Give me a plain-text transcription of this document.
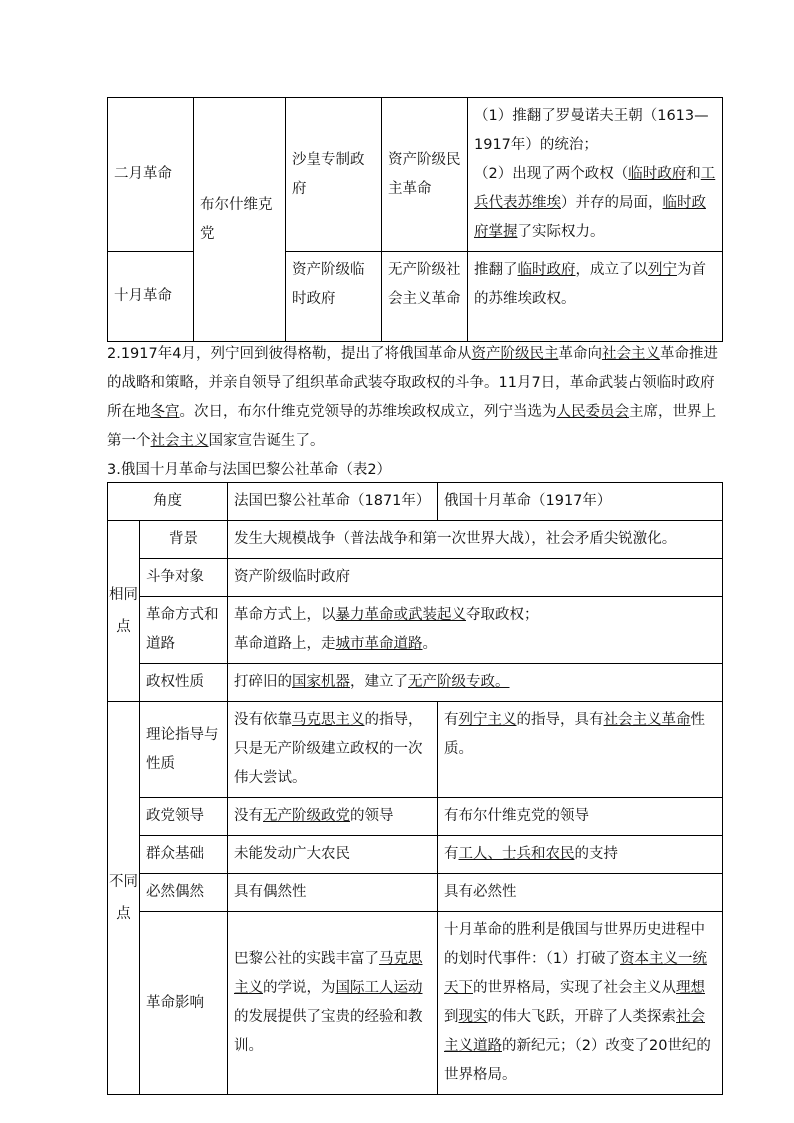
二月革命	布尔什维克党	沙皇专制政府	资产阶级民主革命	（1）推翻了罗曼诺夫王朝（1613—1917年）的统治；
（2）出现了两个政权（临时政府和工兵代表苏维埃）并存的局面，临时政府掌握了实际权力。

十月革命		资产阶级临时政府	无产阶级社会主义革命	推翻了临时政府，成立了以列宁为首的苏维埃政权。

2.1917年4月，列宁回到彼得格勒，提出了将俄国革命从资产阶级民主革命向社会主义革命推进的战略和策略，并亲自领导了组织革命武装夺取政权的斗争。11月7日，革命武装占领临时政府所在地冬宫。次日，布尔什维克党领导的苏维埃政权成立，列宁当选为人民委员会主席，世界上第一个社会主义国家宣告诞生了。

3.俄国十月革命与法国巴黎公社革命（表2）

角度		法国巴黎公社革命（1871年）	俄国十月革命（1917年）
相同点	背景	发生大规模战争（普法战争和第一次世界大战），社会矛盾尖锐激化。	
	斗争对象	资产阶级临时政府	
	革命方式和道路	革命方式上，以暴力革命或武装起义夺取政权；
革命道路上，走城市革命道路。	

	政权性质	打碎旧的国家机器，建立了无产阶级专政。	
不同点	理论指导与性质	没有依靠马克思主义的指导，只是无产阶级建立政权的一次伟大尝试。	有列宁主义的指导，具有社会主义革命性质。
	政党领导	没有无产阶级政党的领导	有布尔什维克党的领导
	群众基础	未能发动广大农民	有工人、士兵和农民的支持
	必然偶然	具有偶然性	具有必然性
	革命影响	巴黎公社的实践丰富了马克思主义的学说，为国际工人运动的发展提供了宝贵的经验和教训。	十月革命的胜利是俄国与世界历史进程中的划时代事件：（1）打破了资本主义一统天下的世界格局，实现了社会主义从理想到现实的伟大飞跃，开辟了人类探索社会主义道路的新纪元；（2）改变了20世纪的世界格局。
